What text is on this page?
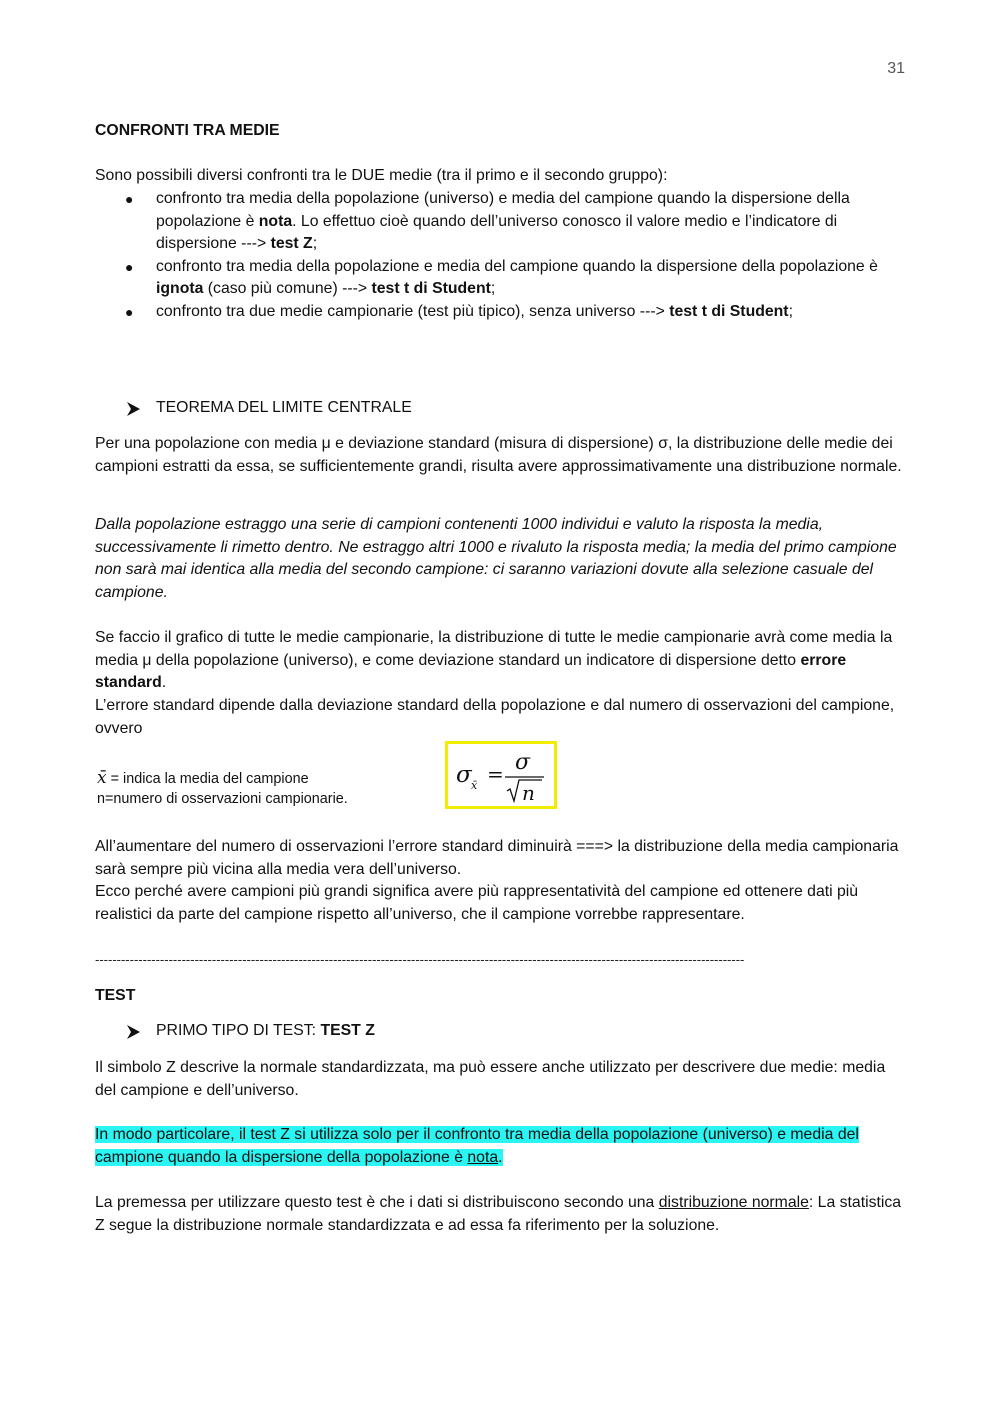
31
CONFRONTI TRA MEDIE
Sono possibili diversi confronti tra le DUE medie (tra il primo e il secondo gruppo):
● confronto tra media della popolazione (universo) e media del campione quando la dispersione della popolazione è nota. Lo effettuo cioè quando dell’universo conosco il valore medio e l’indicatore di dispersione ---> test Z;
● confronto tra media della popolazione e media del campione quando la dispersione della popolazione è ignota (caso più comune) ---> test t di Student;
● confronto tra due medie campionarie (test più tipico), senza universo ---> test t di Student;
TEOREMA DEL LIMITE CENTRALE
Per una popolazione con media μ e deviazione standard (misura di dispersione) σ, la distribuzione delle medie dei campioni estratti da essa, se sufficientemente grandi, risulta avere approssimativamente una distribuzione normale.
Dalla popolazione estraggo una serie di campioni contenenti 1000 individui e valuto la risposta la media, successivamente li rimetto dentro. Ne estraggo altri 1000 e rivaluto la risposta media; la media del primo campione non sarà mai identica alla media del secondo campione: ci saranno variazioni dovute alla selezione casuale del campione.
Se faccio il grafico di tutte le medie campionarie, la distribuzione di tutte le medie campionarie avrà come media la media μ della popolazione (universo), e come deviazione standard un indicatore di dispersione detto errore standard.
L’errore standard dipende dalla deviazione standard della popolazione e dal numero di osservazioni del campione, ovvero
x̄ = indica la media del campione
n=numero di osservazioni campionarie.
σ x̄ = σ
n
All’aumentare del numero di osservazioni l’errore standard diminuirà ===> la distribuzione della media campionaria sarà sempre più vicina alla media vera dell’universo.
Ecco perché avere campioni più grandi significa avere più rappresentatività del campione ed ottenere dati più realistici da parte del campione rispetto all’universo, che il campione vorrebbe rappresentare.
------------------------------------------------------------------------------------------------------------------------------------------------------
TEST
PRIMO TIPO DI TEST: TEST Z
Il simbolo Z descrive la normale standardizzata, ma può essere anche utilizzato per descrivere due medie: media del campione e dell’universo.
In modo particolare, il test Z si utilizza solo per il confronto tra media della popolazione (universo) e media del campione quando la dispersione della popolazione è nota.
La premessa per utilizzare questo test è che i dati si distribuiscono secondo una distribuzione normale: La statistica Z segue la distribuzione normale standardizzata e ad essa fa riferimento per la soluzione.
